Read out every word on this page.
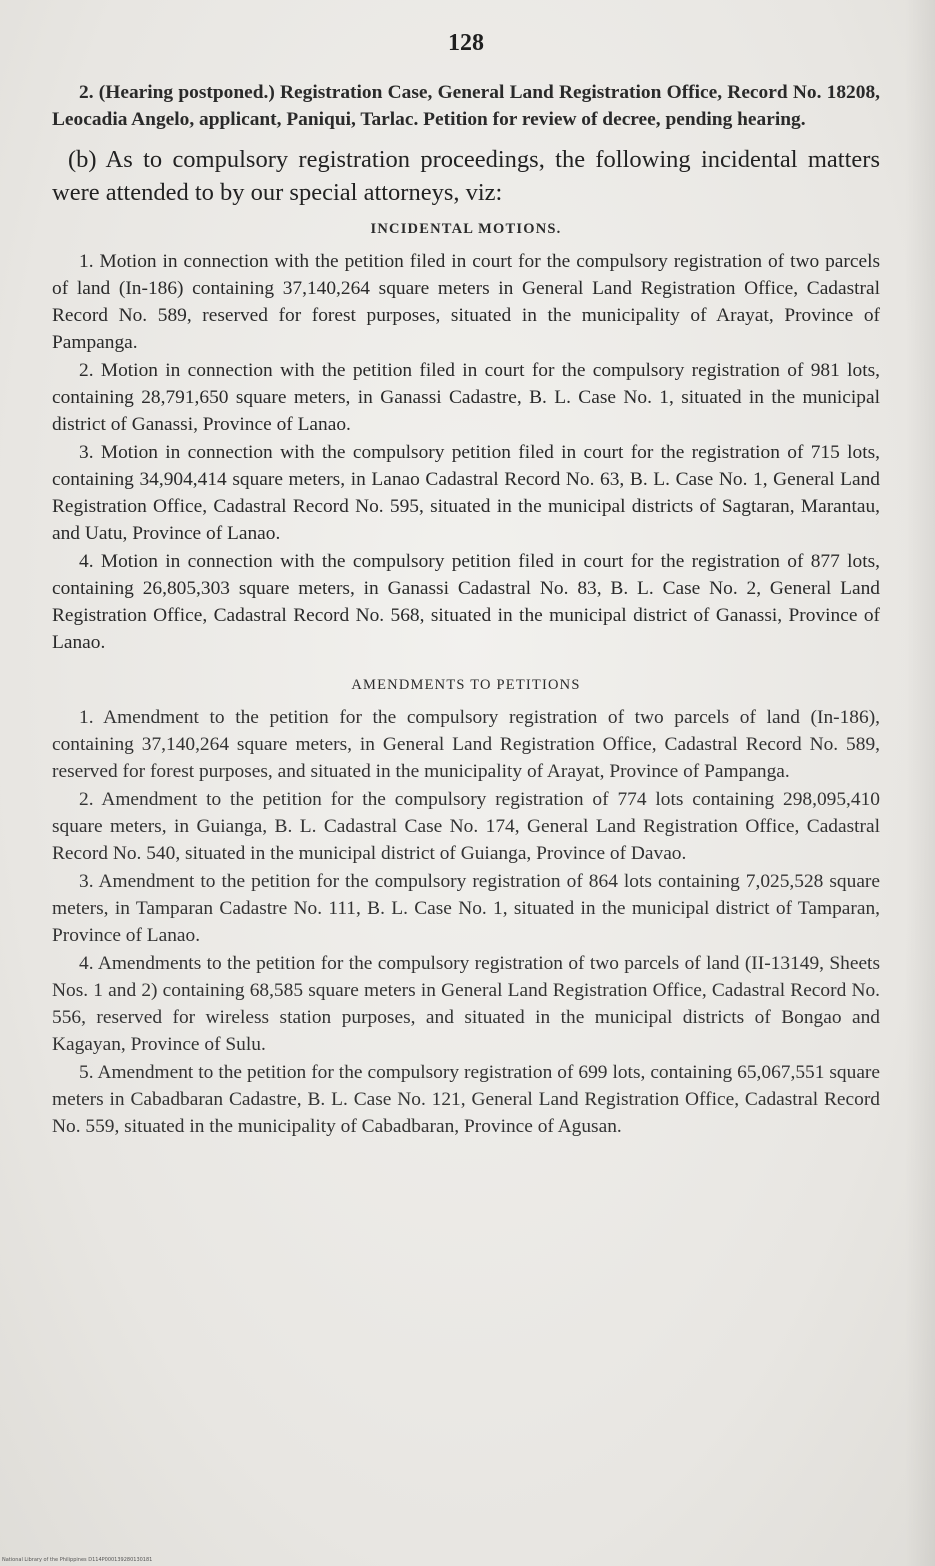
128

2. (Hearing postponed.) Registration Case, General Land Registration Office, Record No. 18208, Leocadia Angelo, applicant, Paniqui, Tarlac. Petition for review of decree, pending hearing.

(b) As to compulsory registration proceedings, the following incidental matters were attended to by our special attorneys, viz:

INCIDENTAL MOTIONS.

1. Motion in connection with the petition filed in court for the compulsory registration of two parcels of land (In-186) containing 37,140,264 square meters in General Land Registration Office, Cadastral Record No. 589, reserved for forest purposes, situated in the municipality of Arayat, Province of Pampanga.

2. Motion in connection with the petition filed in court for the compulsory registration of 981 lots, containing 28,791,650 square meters, in Ganassi Cadastre, B. L. Case No. 1, situated in the municipal district of Ganassi, Province of Lanao.

3. Motion in connection with the compulsory petition filed in court for the registration of 715 lots, containing 34,904,414 square meters, in Lanao Cadastral Record No. 63, B. L. Case No. 1, General Land Registration Office, Cadastral Record No. 595, situated in the municipal districts of Sagtaran, Marantau, and Uatu, Province of Lanao.

4. Motion in connection with the compulsory petition filed in court for the registration of 877 lots, containing 26,805,303 square meters, in Ganassi Cadastral No. 83, B. L. Case No. 2, General Land Registration Office, Cadastral Record No. 568, situated in the municipal district of Ganassi, Province of Lanao.

AMENDMENTS TO PETITIONS

1. Amendment to the petition for the compulsory registration of two parcels of land (In-186), containing 37,140,264 square meters, in General Land Registration Office, Cadastral Record No. 589, reserved for forest purposes, and situated in the municipality of Arayat, Province of Pampanga.

2. Amendment to the petition for the compulsory registration of 774 lots containing 298,095,410 square meters, in Guianga, B. L. Cadastral Case No. 174, General Land Registration Office, Cadastral Record No. 540, situated in the municipal district of Guianga, Province of Davao.

3. Amendment to the petition for the compulsory registration of 864 lots containing 7,025,528 square meters, in Tamparan Cadastre No. 111, B. L. Case No. 1, situated in the municipal district of Tamparan, Province of Lanao.

4. Amendments to the petition for the compulsory registration of two parcels of land (II-13149, Sheets Nos. 1 and 2) containing 68,585 square meters in General Land Registration Office, Cadastral Record No. 556, reserved for wireless station purposes, and situated in the municipal districts of Bongao and Kagayan, Province of Sulu.

5. Amendment to the petition for the compulsory registration of 699 lots, containing 65,067,551 square meters in Cabadbaran Cadastre, B. L. Case No. 121, General Land Registration Office, Cadastral Record No. 559, situated in the municipality of Cabadbaran, Province of Agusan.

National Library of the Philippines D114P000139280130181
